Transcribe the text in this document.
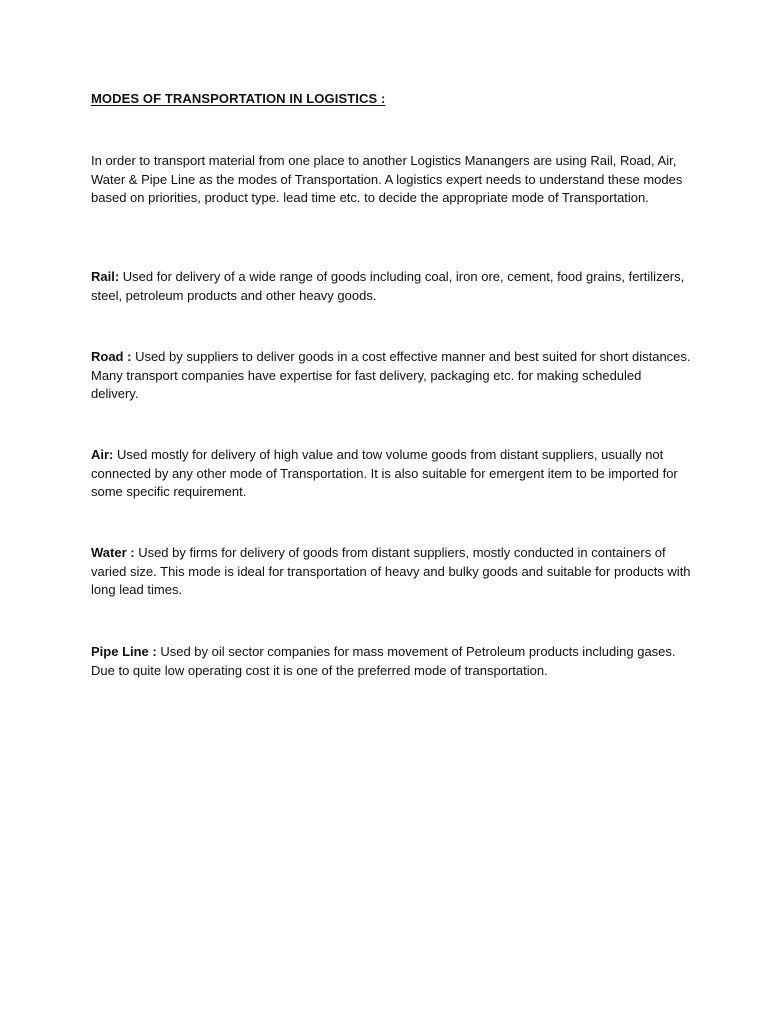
MODES OF TRANSPORTATION IN LOGISTICS :

In order to transport material from one place to another Logistics Manangers are using Rail, Road, Air, Water & Pipe Line as the modes of Transportation. A logistics expert needs to understand these modes based on priorities, product type. lead time etc. to decide the appropriate mode of Transportation.

Rail: Used for delivery of a wide range of goods including coal, iron ore, cement, food grains, fertilizers, steel, petroleum products and other heavy goods.

Road : Used by suppliers to deliver goods in a cost effective manner and best suited for short distances. Many transport companies have expertise for fast delivery, packaging etc. for making scheduled delivery.

Air: Used mostly for delivery of high value and tow volume goods from distant suppliers, usually not connected by any other mode of Transportation. It is also suitable for emergent item to be imported for some specific requirement.

Water : Used by firms for delivery of goods from distant suppliers, mostly conducted in containers of varied size. This mode is ideal for transportation of heavy and bulky goods and suitable for products with long lead times.

Pipe Line : Used by oil sector companies for mass movement of Petroleum products including gases. Due to quite low operating cost it is one of the preferred mode of transportation.
